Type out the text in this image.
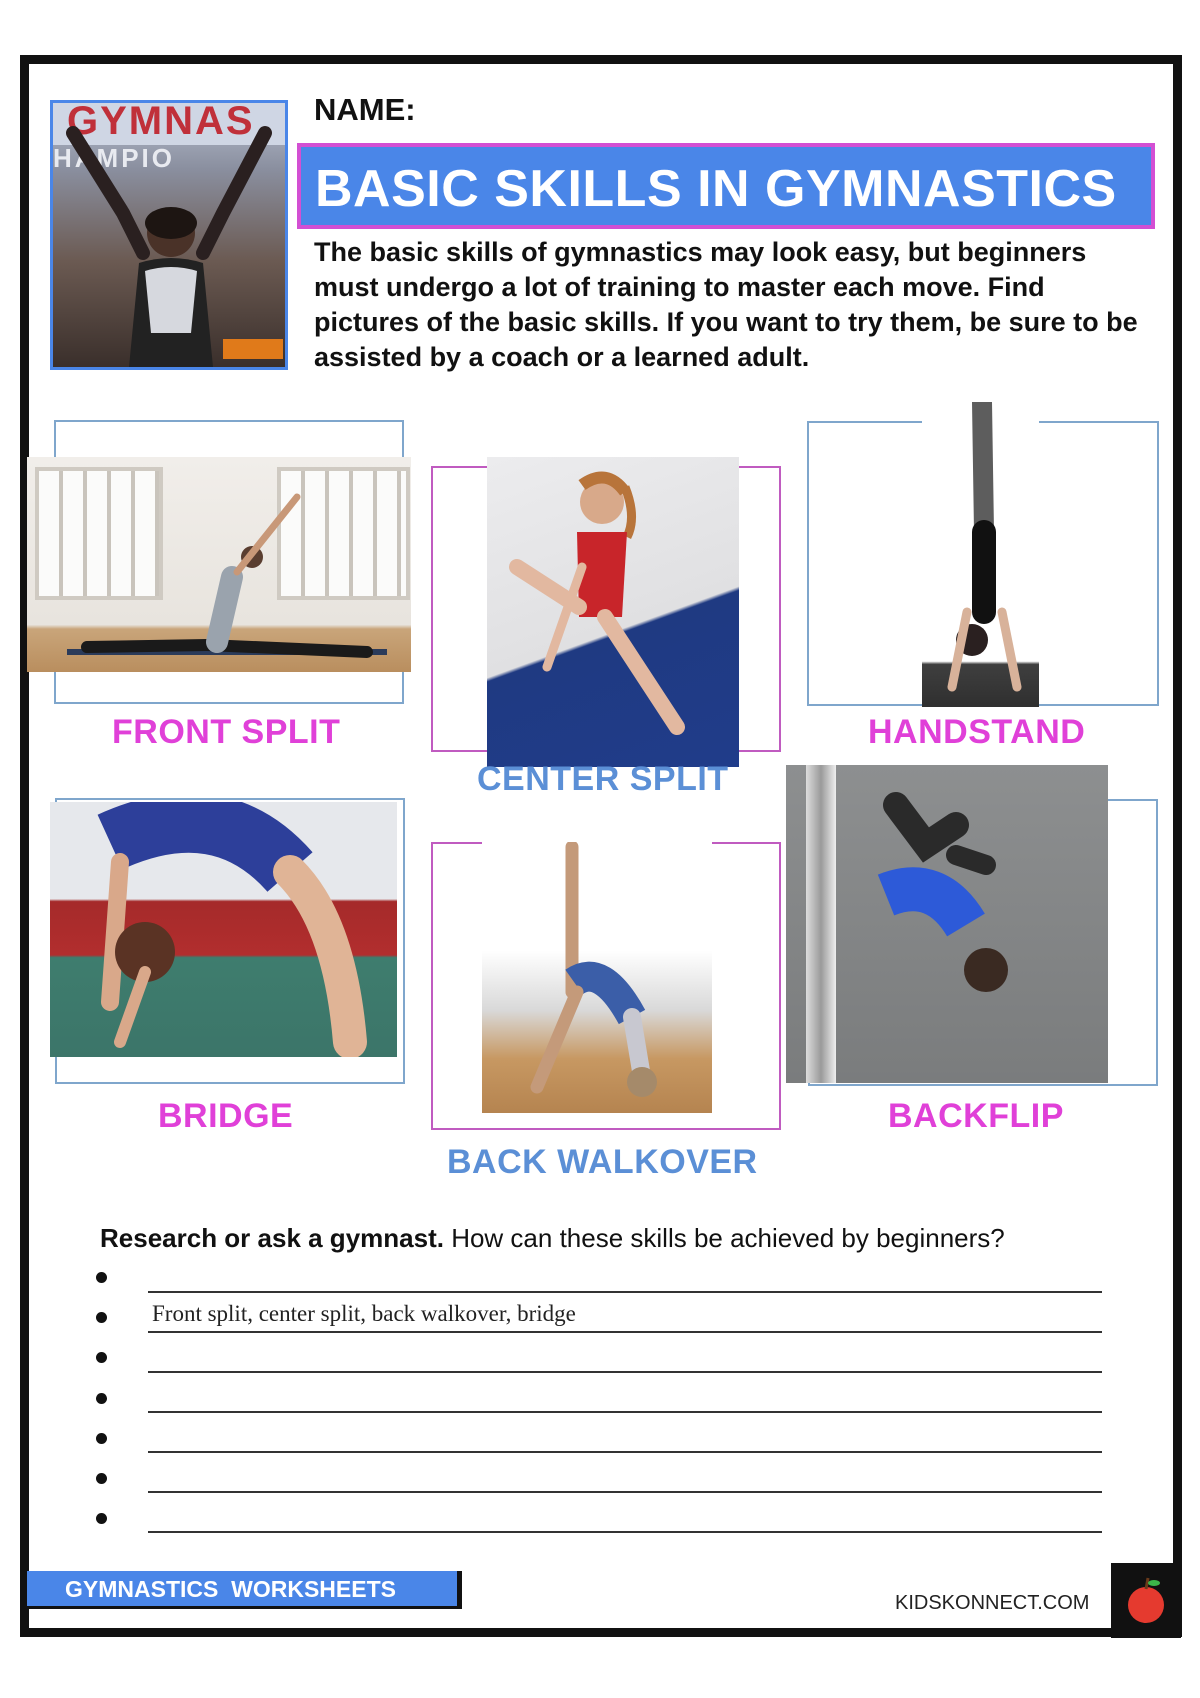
GYMNAS
HAMPIO
NAME:
BASIC SKILLS IN GYMNASTICS
The basic skills of gymnastics may look easy, but beginners must undergo a lot of training to master each move. Find pictures of the basic skills. If you want to try them, be sure to be assisted by a coach or a learned adult.
FRONT SPLIT
CENTER SPLIT
HANDSTAND
BRIDGE
BACK WALKOVER
BACKFLIP
Research or ask a gymnast. How can these skills be achieved by beginners?
Front split, center split, back walkover, bridge
GYMNASTICS  WORKSHEETS
KIDSKONNECT.COM
